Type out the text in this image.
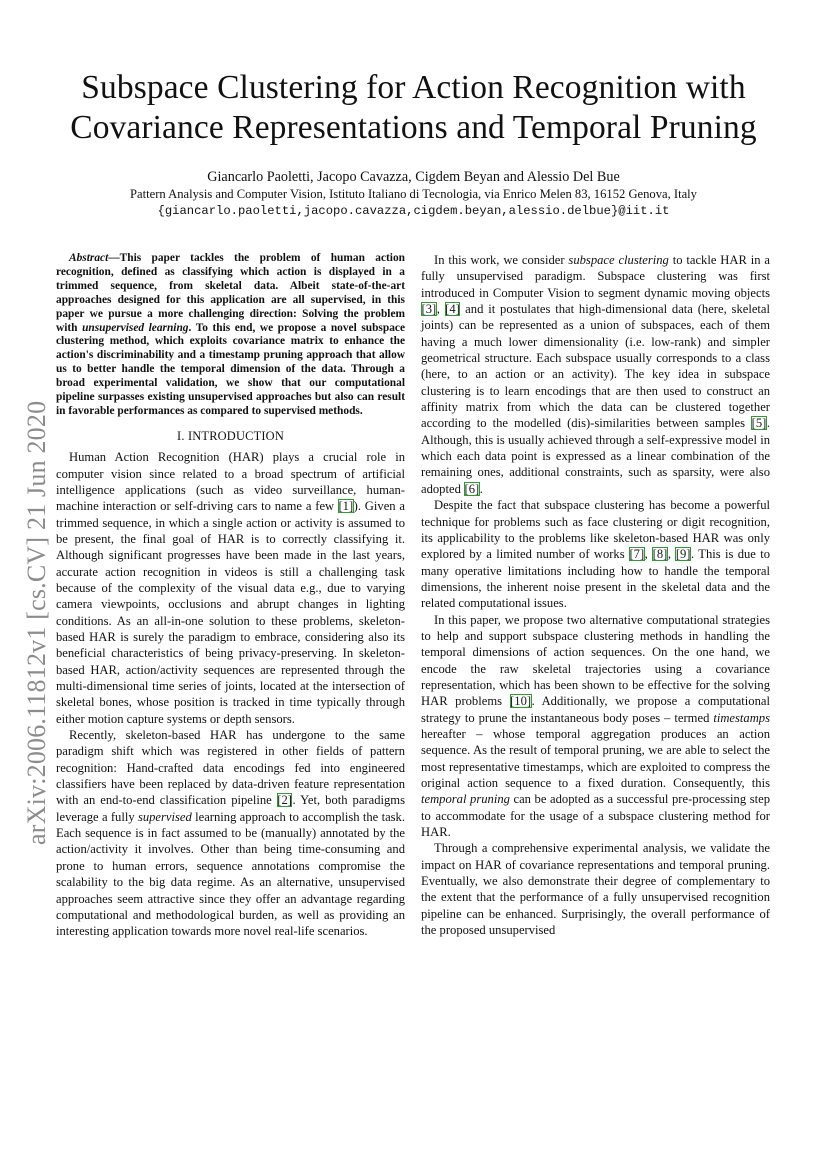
Subspace Clustering for Action Recognition with Covariance Representations and Temporal Pruning
Giancarlo Paoletti, Jacopo Cavazza, Cigdem Beyan and Alessio Del Bue
Pattern Analysis and Computer Vision, Istituto Italiano di Tecnologia, via Enrico Melen 83, 16152 Genova, Italy
{giancarlo.paoletti,jacopo.cavazza,cigdem.beyan,alessio.delbue}@iit.it
arXiv:2006.11812v1 [cs.CV] 21 Jun 2020

Abstract—This paper tackles the problem of human action recognition, defined as classifying which action is displayed in a trimmed sequence, from skeletal data. Albeit state-of-the-art approaches designed for this application are all supervised, in this paper we pursue a more challenging direction: Solving the problem with unsupervised learning. To this end, we propose a novel subspace clustering method, which exploits covariance matrix to enhance the action's discriminability and a timestamp pruning approach that allow us to better handle the temporal dimension of the data. Through a broad experimental validation, we show that our computational pipeline surpasses existing unsupervised approaches but also can result in favorable performances as compared to supervised methods.

I. INTRODUCTION

Human Action Recognition (HAR) plays a crucial role in computer vision since related to a broad spectrum of artificial intelligence applications (such as video surveillance, human-machine interaction or self-driving cars to name a few [1]). Given a trimmed sequence, in which a single action or activity is assumed to be present, the final goal of HAR is to correctly classifying it. Although significant progresses have been made in the last years, accurate action recognition in videos is still a challenging task because of the complexity of the visual data e.g., due to varying camera viewpoints, occlusions and abrupt changes in lighting conditions. As an all-in-one solution to these problems, skeleton-based HAR is surely the paradigm to embrace, considering also its beneficial characteristics of being privacy-preserving. In skeleton-based HAR, action/activity sequences are represented through the multi-dimensional time series of joints, located at the intersection of skeletal bones, whose position is tracked in time typically through either motion capture systems or depth sensors.

Recently, skeleton-based HAR has undergone to the same paradigm shift which was registered in other fields of pattern recognition: Hand-crafted data encodings fed into engineered classifiers have been replaced by data-driven feature representation with an end-to-end classification pipeline [2]. Yet, both paradigms leverage a fully supervised learning approach to accomplish the task. Each sequence is in fact assumed to be (manually) annotated by the action/activity it involves. Other than being time-consuming and prone to human errors, sequence annotations compromise the scalability to the big data regime. As an alternative, unsupervised approaches seem attractive since they offer an advantage regarding computational and methodological burden, as well as providing an interesting application towards more novel real-life scenarios.

In this work, we consider subspace clustering to tackle HAR in a fully unsupervised paradigm. Subspace clustering was first introduced in Computer Vision to segment dynamic moving objects [3], [4] and it postulates that high-dimensional data (here, skeletal joints) can be represented as a union of subspaces, each of them having a much lower dimensionality (i.e. low-rank) and simpler geometrical structure. Each subspace usually corresponds to a class (here, to an action or an activity). The key idea in subspace clustering is to learn encodings that are then used to construct an affinity matrix from which the data can be clustered together according to the modelled (dis)-similarities between samples [5]. Although, this is usually achieved through a self-expressive model in which each data point is expressed as a linear combination of the remaining ones, additional constraints, such as sparsity, were also adopted [6].

Despite the fact that subspace clustering has become a powerful technique for problems such as face clustering or digit recognition, its applicability to the problems like skeleton-based HAR was only explored by a limited number of works [7], [8], [9]. This is due to many operative limitations including how to handle the temporal dimensions, the inherent noise present in the skeletal data and the related computational issues.

In this paper, we propose two alternative computational strategies to help and support subspace clustering methods in handling the temporal dimensions of action sequences. On the one hand, we encode the raw skeletal trajectories using a covariance representation, which has been shown to be effective for the solving HAR problems [10]. Additionally, we propose a computational strategy to prune the instantaneous body poses – termed timestamps hereafter – whose temporal aggregation produces an action sequence. As the result of temporal pruning, we are able to select the most representative timestamps, which are exploited to compress the original action sequence to a fixed duration. Consequently, this temporal pruning can be adopted as a successful pre-processing step to accommodate for the usage of a subspace clustering method for HAR.

Through a comprehensive experimental analysis, we validate the impact on HAR of covariance representations and temporal pruning. Eventually, we also demonstrate their degree of complementary to the extent that the performance of a fully unsupervised recognition pipeline can be enhanced. Surprisingly, the overall performance of the proposed unsupervised
